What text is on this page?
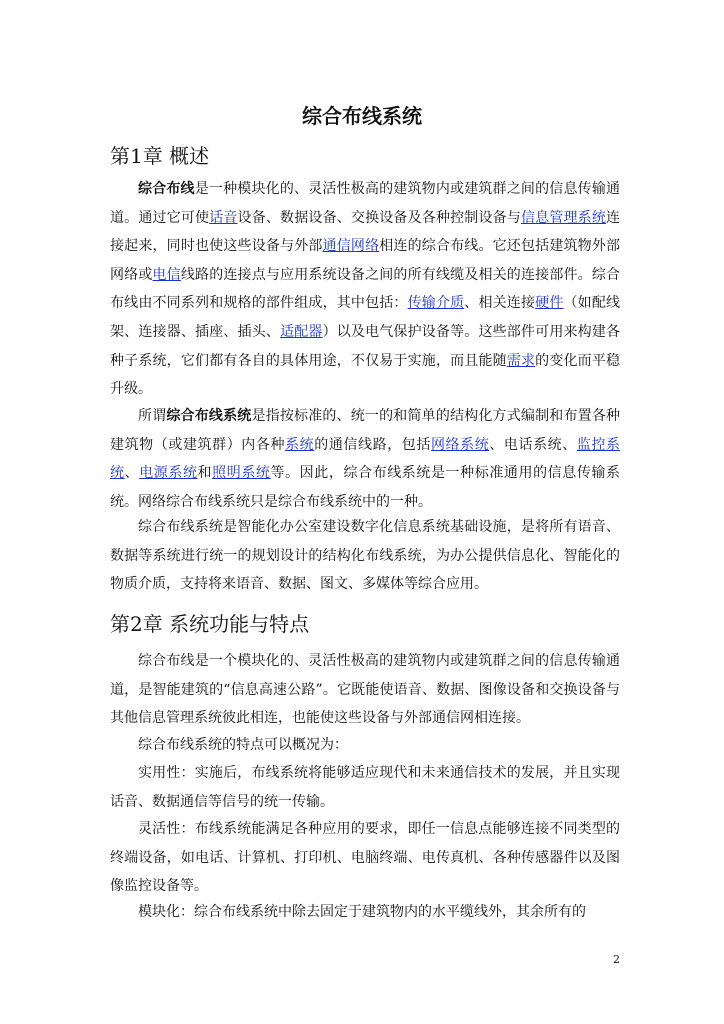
综合布线系统
第1章 概述

综合布线是一种模块化的、灵活性极高的建筑物内或建筑群之间的信息传输通道。通过它可使话音设备、数据设备、交换设备及各种控制设备与信息管理系统连接起来，同时也使这些设备与外部通信网络相连的综合布线。它还包括建筑物外部网络或电信线路的连接点与应用系统设备之间的所有线缆及相关的连接部件。综合布线由不同系列和规格的部件组成，其中包括：传输介质、相关连接硬件（如配线架、连接器、插座、插头、适配器）以及电气保护设备等。这些部件可用来构建各种子系统，它们都有各自的具体用途，不仅易于实施，而且能随需求的变化而平稳升级。

所谓综合布线系统是指按标准的、统一的和简单的结构化方式编制和布置各种建筑物（或建筑群）内各种系统的通信线路，包括网络系统、电话系统、监控系统、电源系统和照明系统等。因此，综合布线系统是一种标准通用的信息传输系统。网络综合布线系统只是综合布线系统中的一种。

综合布线系统是智能化办公室建设数字化信息系统基础设施，是将所有语音、数据等系统进行统一的规划设计的结构化布线系统，为办公提供信息化、智能化的物质介质，支持将来语音、数据、图文、多媒体等综合应用。

第2章 系统功能与特点

综合布线是一个模块化的、灵活性极高的建筑物内或建筑群之间的信息传输通道，是智能建筑的“信息高速公路”。它既能使语音、数据、图像设备和交换设备与其他信息管理系统彼此相连，也能使这些设备与外部通信网相连接。

综合布线系统的特点可以概况为：

实用性：实施后，布线系统将能够适应现代和未来通信技术的发展，并且实现话音、数据通信等信号的统一传输。

灵活性：布线系统能满足各种应用的要求，即任一信息点能够连接不同类型的终端设备，如电话、计算机、打印机、电脑终端、电传真机、各种传感器件以及图像监控设备等。

模块化：综合布线系统中除去固定于建筑物内的水平缆线外，其余所有的

2
